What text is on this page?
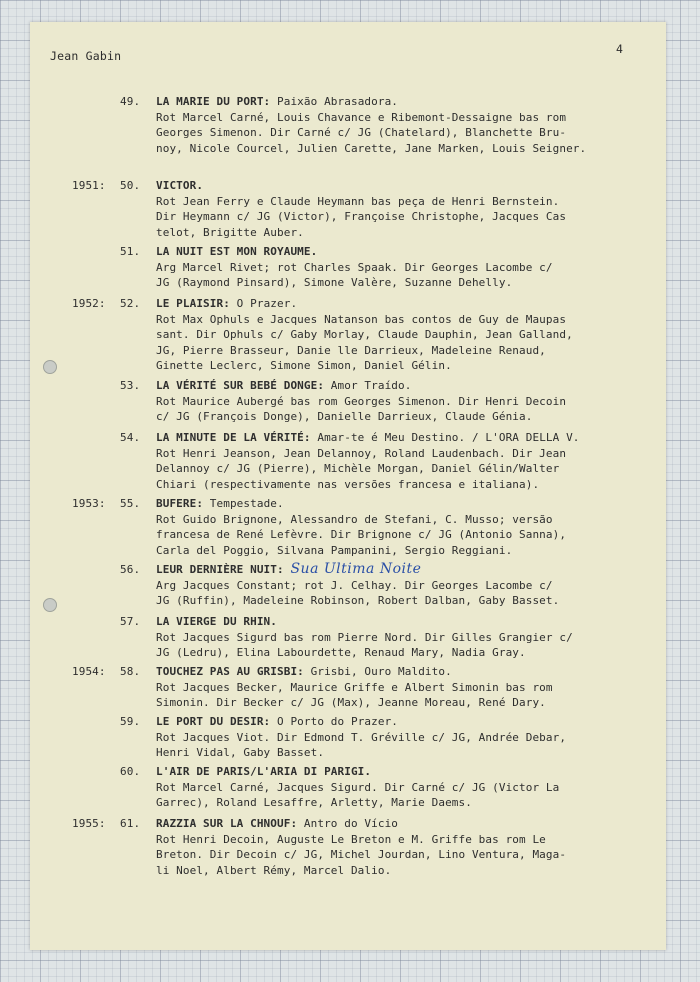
Jean Gabin	4
49. LA MARIE DU PORT: Paixão Abrasadora.
Rot Marcel Carné, Louis Chavance e Ribemont-Dessaigne bas rom
Georges Simenon. Dir Carné c/ JG (Chatelard), Blanchette Bru-
noy, Nicole Courcel, Julien Carette, Jane Marken, Louis Seigner.
1951: 50. VICTOR.
Rot Jean Ferry e Claude Heymann bas peça de Henri Bernstein.
Dir Heymann c/ JG (Victor), Françoise Christophe, Jacques Cas
telot, Brigitte Auber.
51. LA NUIT EST MON ROYAUME.
Arg Marcel Rivet; rot Charles Spaak. Dir Georges Lacombe c/
JG (Raymond Pinsard), Simone Valère, Suzanne Dehelly.
1952: 52. LE PLAISIR: O Prazer.
Rot Max Ophuls e Jacques Natanson bas contos de Guy de Maupas
sant. Dir Ophuls c/ Gaby Morlay, Claude Dauphin, Jean Galland,
JG, Pierre Brasseur, Danie lle Darrieux, Madeleine Renaud,
Ginette Leclerc, Simone Simon, Daniel Gélin.
53. LA VÉRITÉ SUR BEBÉ DONGE: Amor Traído.
Rot Maurice Aubergé bas rom Georges Simenon. Dir Henri Decoin
c/ JG (François Donge), Danielle Darrieux, Claude Génia.
54. LA MINUTE DE LA VÉRITÉ: Amar-te é Meu Destino. / L'ORA DELLA V.
Rot Henri Jeanson, Jean Delannoy, Roland Laudenbach. Dir Jean
Delannoy c/ JG (Pierre), Michèle Morgan, Daniel Gélin/Walter
Chiari (respectivamente nas versões francesa e italiana).
1953: 55. BUFERE: Tempestade.
Rot Guido Brignone, Alessandro de Stefani, C. Musso; versão
francesa de René Lefèvre. Dir Brignone c/ JG (Antonio Sanna),
Carla del Poggio, Silvana Pampanini, Sergio Reggiani.
56. LEUR DERNIÈRE NUIT: Sua Ultima Noite
Arg Jacques Constant; rot J. Celhay. Dir Georges Lacombe c/
JG (Ruffin), Madeleine Robinson, Robert Dalban, Gaby Basset.
57. LA VIERGE DU RHIN.
Rot Jacques Sigurd bas rom Pierre Nord. Dir Gilles Grangier c/
JG (Ledru), Elina Labourdette, Renaud Mary, Nadia Gray.
1954: 58. TOUCHEZ PAS AU GRISBI: Grisbi, Ouro Maldito.
Rot Jacques Becker, Maurice Griffe e Albert Simonin bas rom
Simonin. Dir Becker c/ JG (Max), Jeanne Moreau, René Dary.
59. LE PORT DU DESIR: O Porto do Prazer.
Rot Jacques Viot. Dir Edmond T. Gréville c/ JG, Andrée Debar,
Henri Vidal, Gaby Basset.
60. L'AIR DE PARIS/L'ARIA DI PARIGI.
Rot Marcel Carné, Jacques Sigurd. Dir Carné c/ JG (Victor La
Garrec), Roland Lesaffre, Arletty, Marie Daems.
1955: 61. RAZZIA SUR LA CHNOUF: Antro do Vício
Rot Henri Decoin, Auguste Le Breton e M. Griffe bas rom Le
Breton. Dir Decoin c/ JG, Michel Jourdan, Lino Ventura, Maga-
li Noel, Albert Rémy, Marcel Dalio.
